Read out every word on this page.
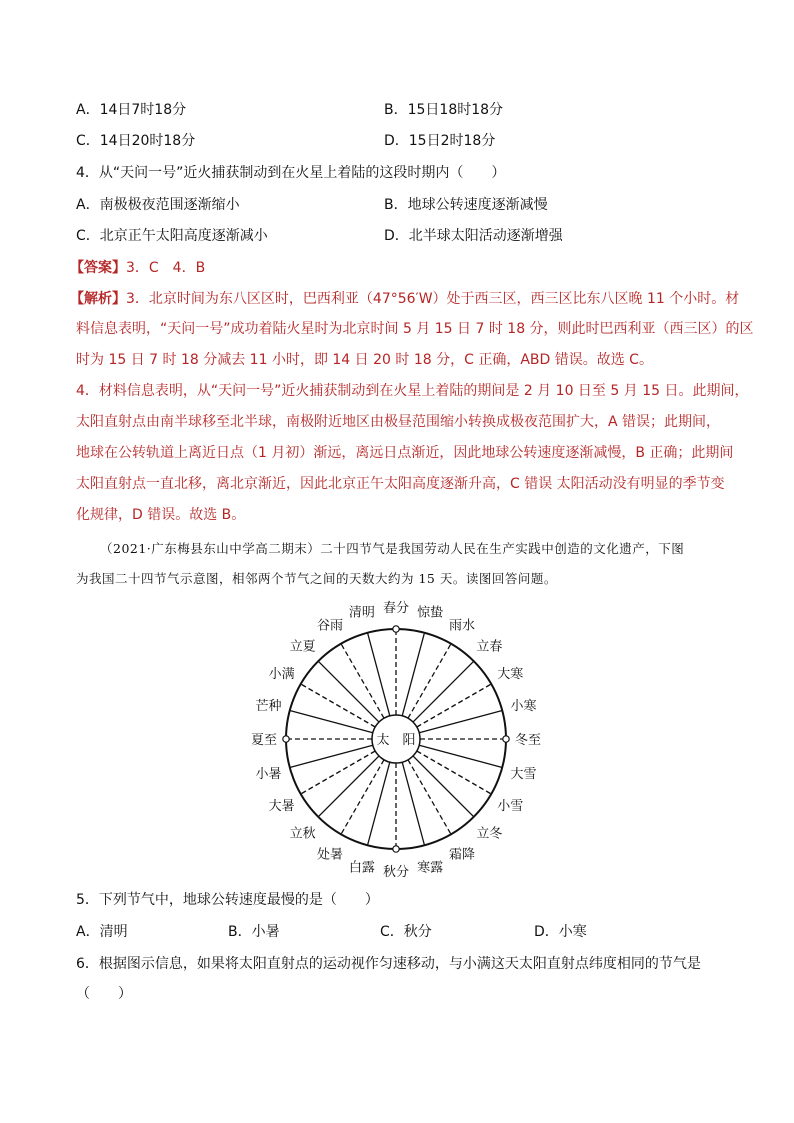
A．14日7时18分	B．15日18时18分
C．14日20时18分	D．15日2时18分
4．从“天问一号”近火捕获制动到在火星上着陆的这段时期内（　　）
A．南极极夜范围逐渐缩小	B．地球公转速度逐渐减慢
C．北京正午太阳高度逐渐减小	D．北半球太阳活动逐渐增强
【答案】3．C　4．B
【解析】3．北京时间为东八区区时，巴西利亚（47°56′W）处于西三区，西三区比东八区晚 11 个小时。材
料信息表明，“天问一号”成功着陆火星时为北京时间 5 月 15 日 7 时 18 分，则此时巴西利亚（西三区）的区
时为 15 日 7 时 18 分减去 11 小时，即 14 日 20 时 18 分，C 正确，ABD 错误。故选 C。
4．材料信息表明，从“天问一号”近火捕获制动到在火星上着陆的期间是 2 月 10 日至 5 月 15 日。此期间，
太阳直射点由南半球移至北半球，南极附近地区由极昼范围缩小转换成极夜范围扩大，A 错误；此期间，
地球在公转轨道上离近日点（1 月初）渐远，离远日点渐近，因此地球公转速度逐渐减慢，B 正确；此期间
太阳直射点一直北移，离北京渐近，因此北京正午太阳高度逐渐升高，C 错误 太阳活动没有明显的季节变
化规律，D 错误。故选 B。
（2021·广东梅县东山中学高二期末）二十四节气是我国劳动人民在生产实践中创造的文化遗产，下图
为我国二十四节气示意图，相邻两个节气之间的天数大约为 15 天。读图回答问题。
太　阳
春分 惊蛰
雨水
立春
大寒
小寒
冬至
大雪
小雪
立冬
霜降
寒露
秋分
白露
处暑
立秋
大暑
小暑
夏至
芒种
小满
立夏
谷雨
清明
5．下列节气中，地球公转速度最慢的是（　　）
A．清明	B．小暑	C．秋分	D．小寒
6．根据图示信息，如果将太阳直射点的运动视作匀速移动，与小满这天太阳直射点纬度相同的节气是
（　　）
